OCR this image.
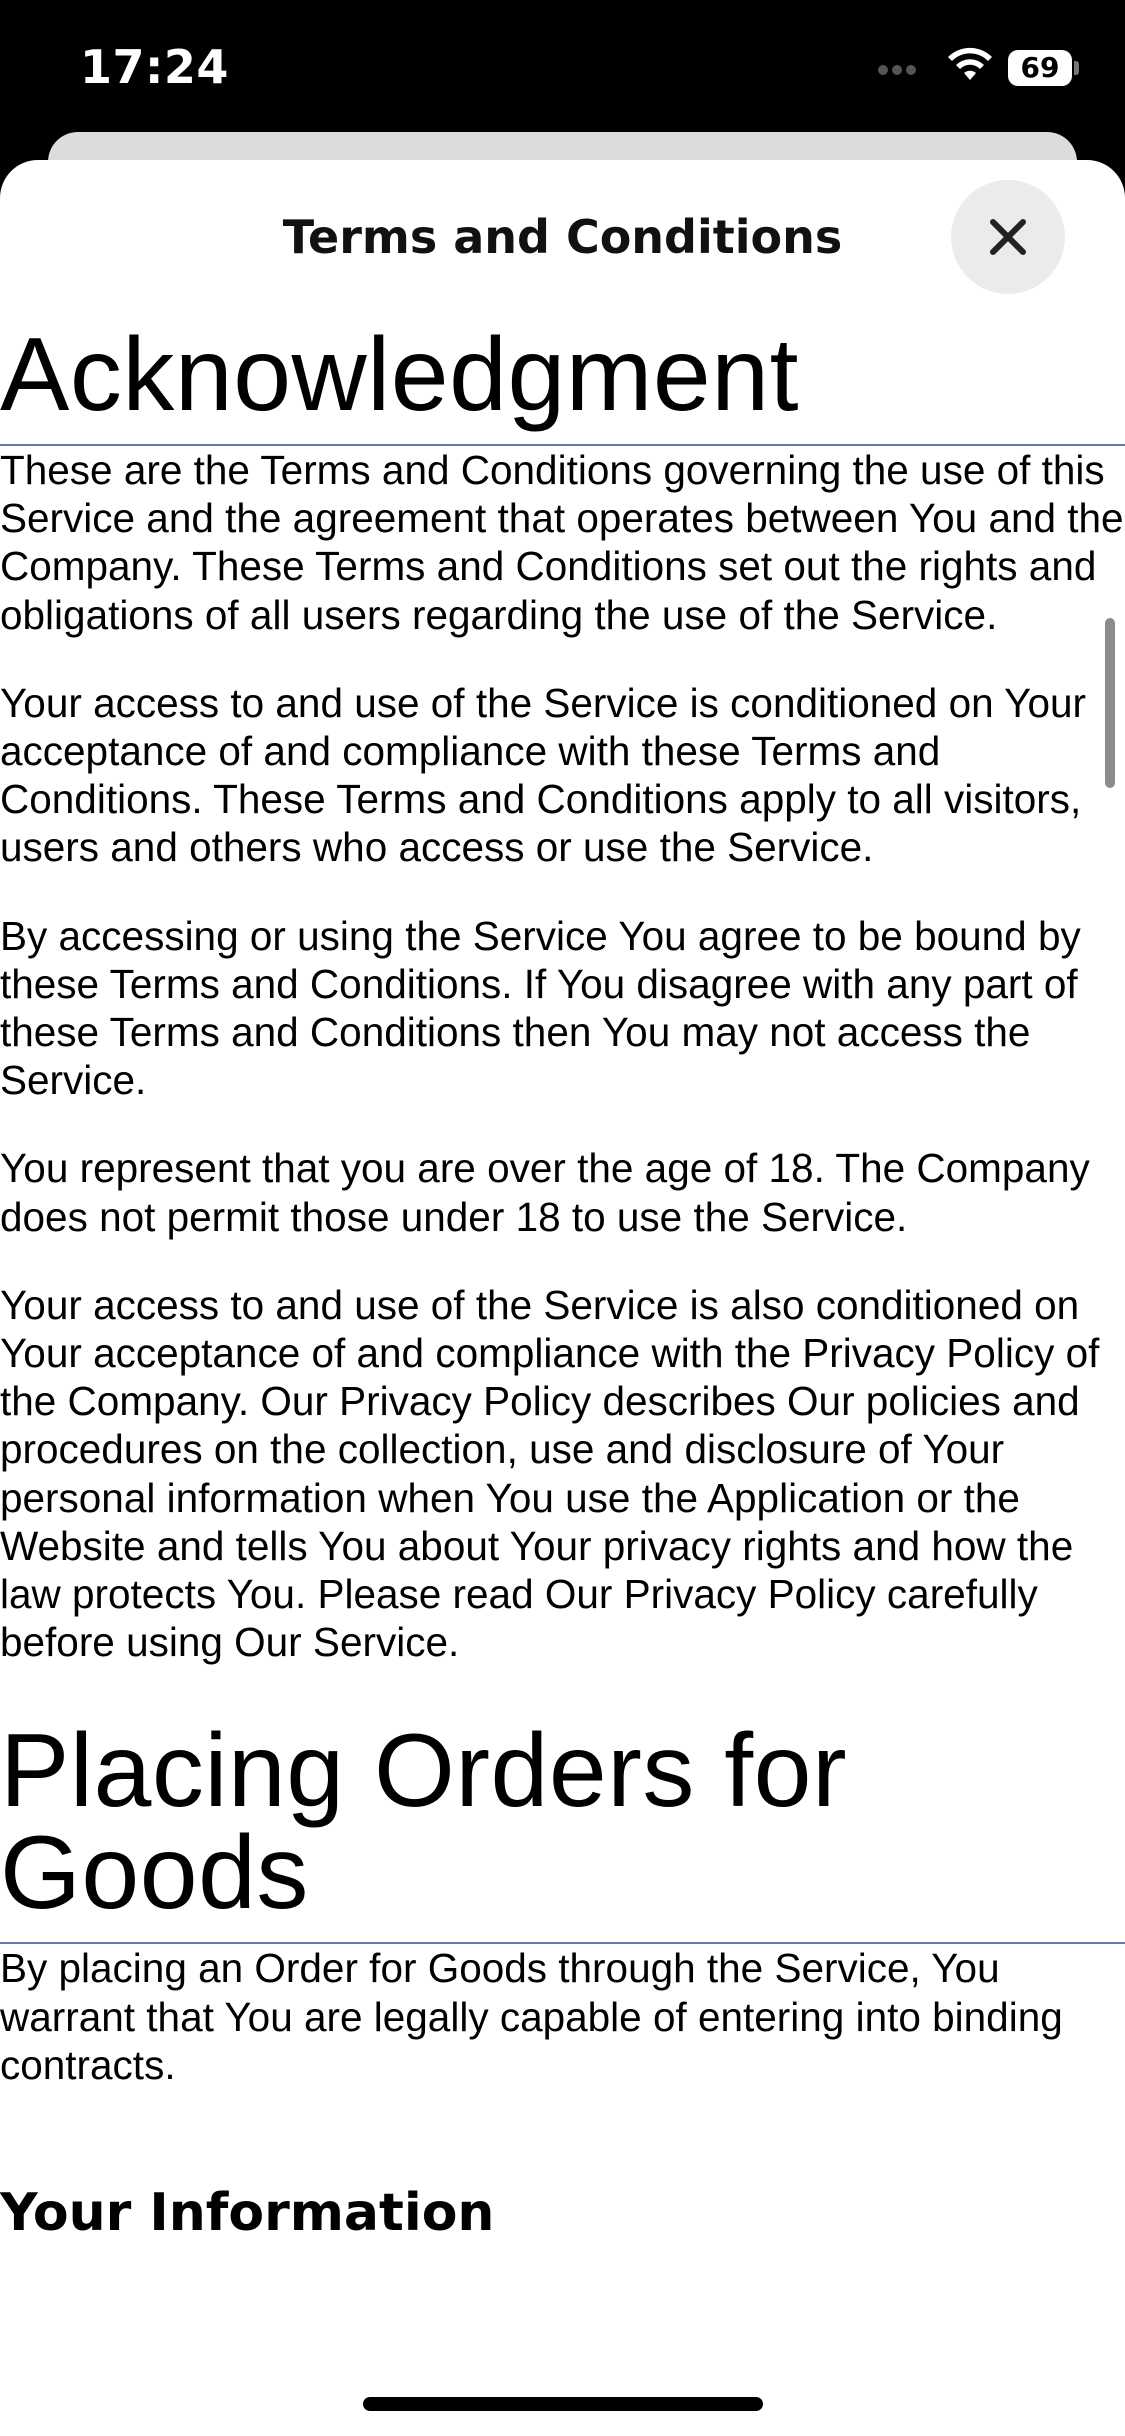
17:24	69
Terms and Conditions
Acknowledgment

These are the Terms and Conditions governing the use of this Service and the agreement that operates between You and the Company. These Terms and Conditions set out the rights and obligations of all users regarding the use of the Service.

Your access to and use of the Service is conditioned on Your acceptance of and compliance with these Terms and Conditions. These Terms and Conditions apply to all visitors, users and others who access or use the Service.

By accessing or using the Service You agree to be bound by these Terms and Conditions. If You disagree with any part of these Terms and Conditions then You may not access the Service.

You represent that you are over the age of 18. The Company does not permit those under 18 to use the Service.

Your access to and use of the Service is also conditioned on Your acceptance of and compliance with the Privacy Policy of the Company. Our Privacy Policy describes Our policies and procedures on the collection, use and disclosure of Your personal information when You use the Application or the Website and tells You about Your privacy rights and how the law protects You. Please read Our Privacy Policy carefully before using Our Service.

Placing Orders for Goods

By placing an Order for Goods through the Service, You warrant that You are legally capable of entering into binding contracts.

Your Information
